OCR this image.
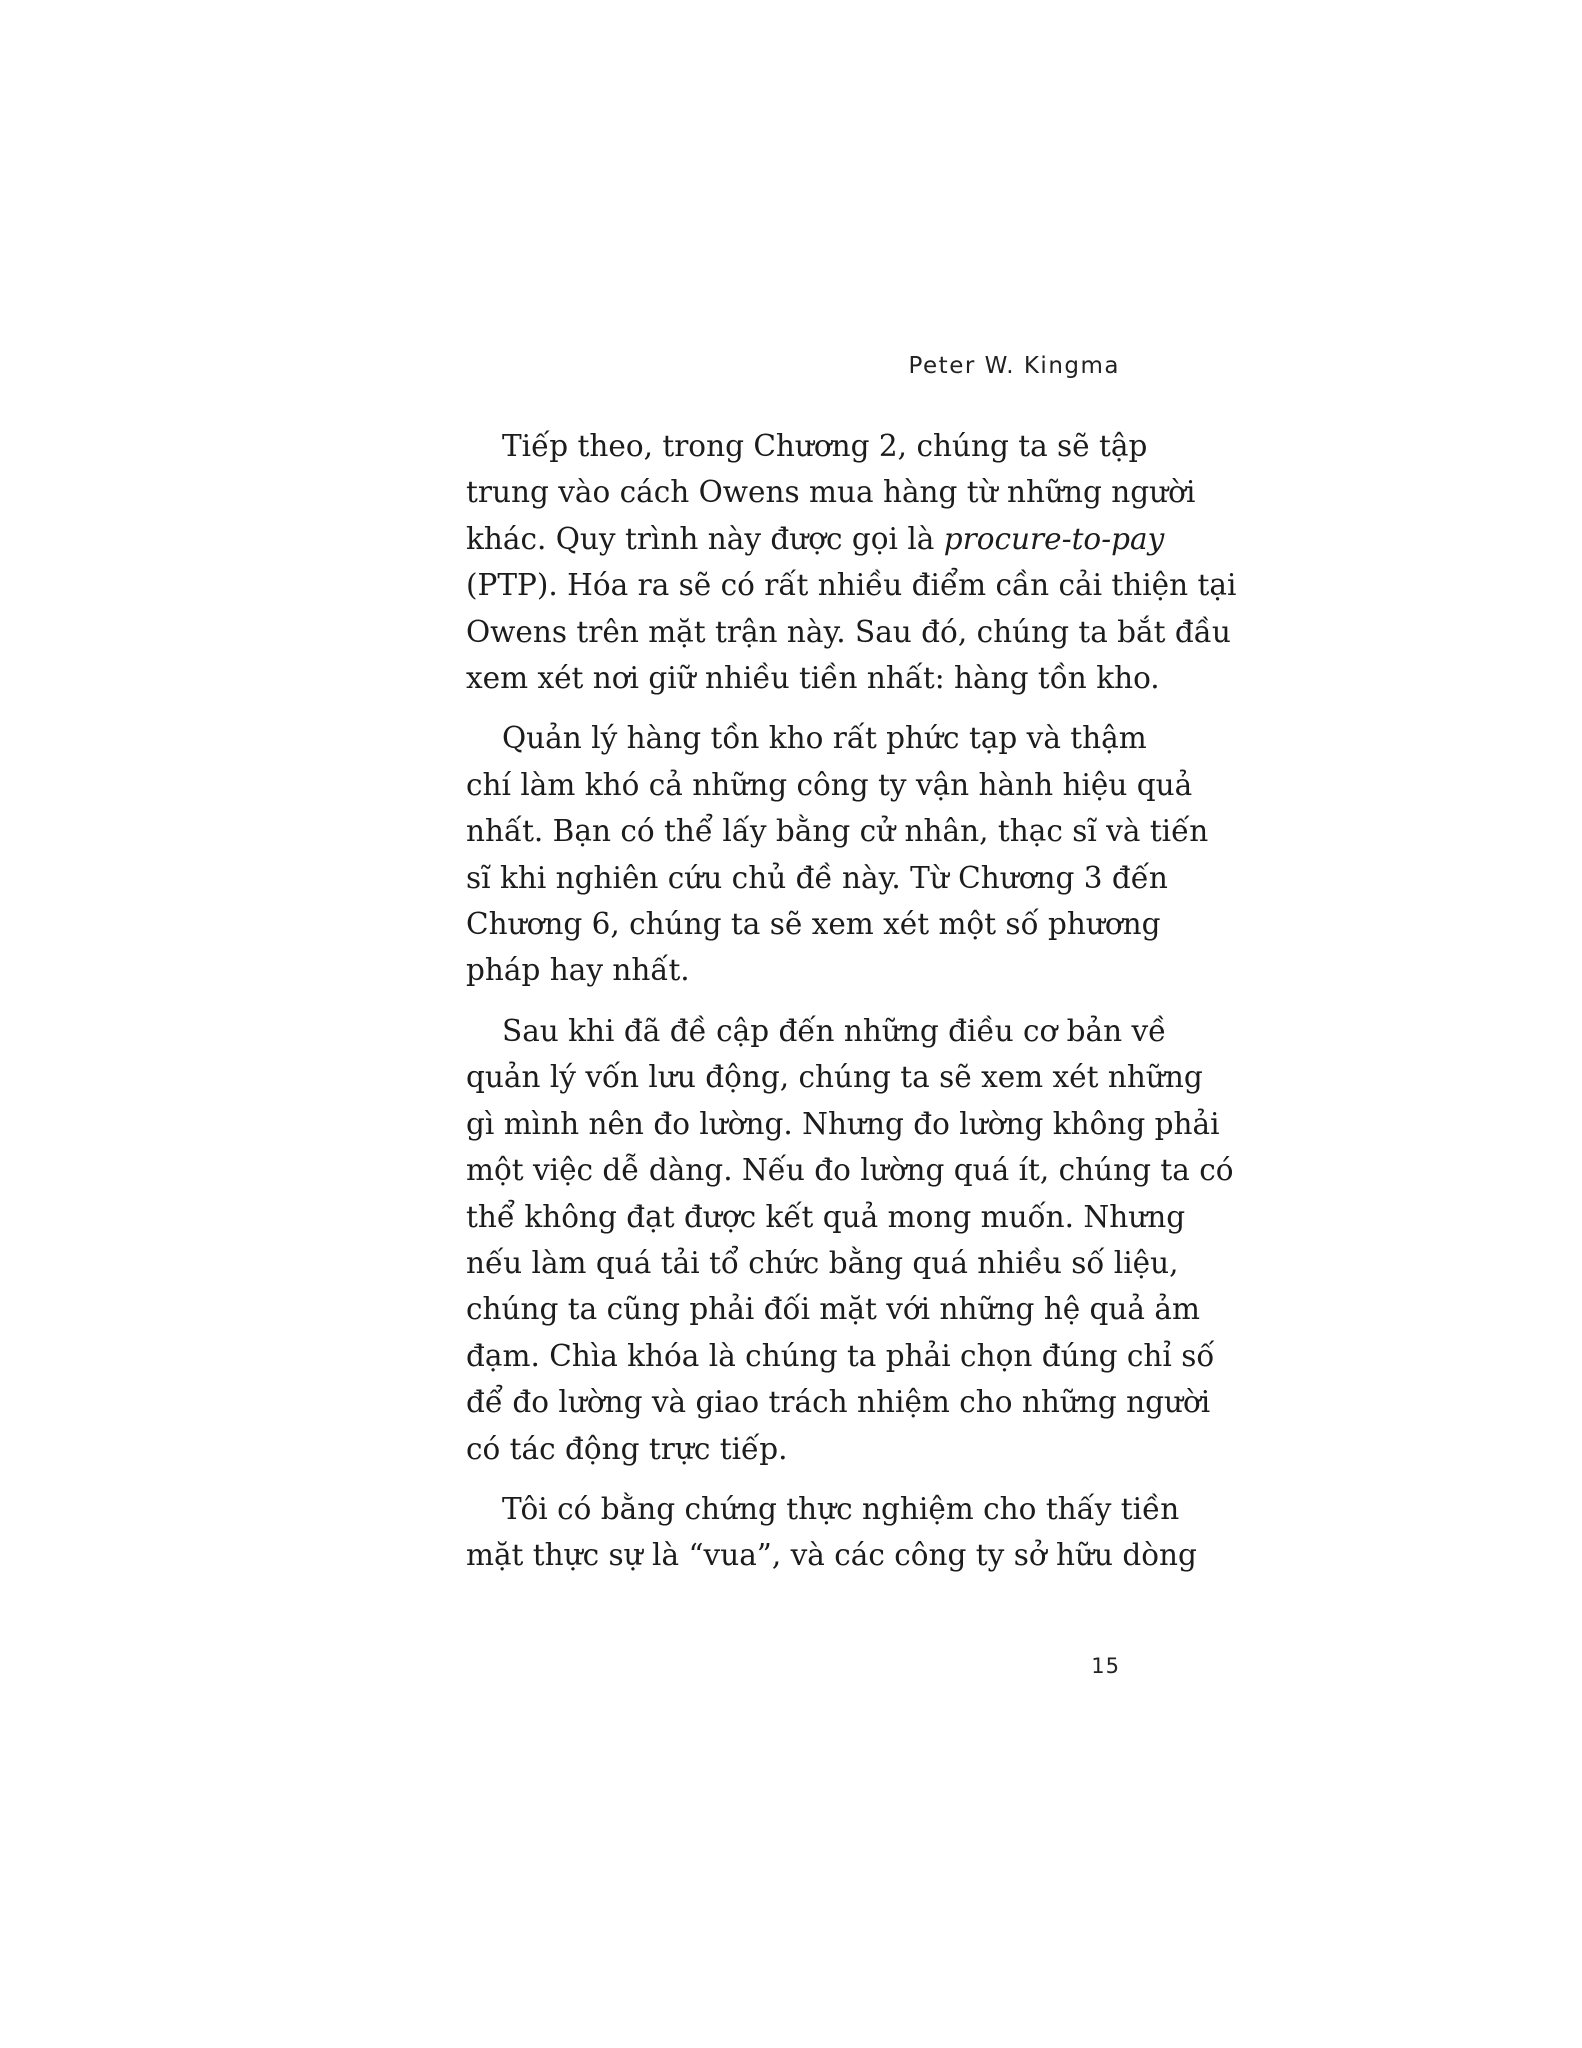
Peter W. Kingma

Tiếp theo, trong Chương 2, chúng ta sẽ tập
trung vào cách Owens mua hàng từ những người
khác. Quy trình này được gọi là procure-to-pay
(PTP). Hóa ra sẽ có rất nhiều điểm cần cải thiện tại
Owens trên mặt trận này. Sau đó, chúng ta bắt đầu
xem xét nơi giữ nhiều tiền nhất: hàng tồn kho.

Quản lý hàng tồn kho rất phức tạp và thậm
chí làm khó cả những công ty vận hành hiệu quả
nhất. Bạn có thể lấy bằng cử nhân, thạc sĩ và tiến
sĩ khi nghiên cứu chủ đề này. Từ Chương 3 đến
Chương 6, chúng ta sẽ xem xét một số phương
pháp hay nhất.

Sau khi đã đề cập đến những điều cơ bản về
quản lý vốn lưu động, chúng ta sẽ xem xét những
gì mình nên đo lường. Nhưng đo lường không phải
một việc dễ dàng. Nếu đo lường quá ít, chúng ta có
thể không đạt được kết quả mong muốn. Nhưng
nếu làm quá tải tổ chức bằng quá nhiều số liệu,
chúng ta cũng phải đối mặt với những hệ quả ảm
đạm. Chìa khóa là chúng ta phải chọn đúng chỉ số
để đo lường và giao trách nhiệm cho những người
có tác động trực tiếp.

Tôi có bằng chứng thực nghiệm cho thấy tiền
mặt thực sự là “vua”, và các công ty sở hữu dòng

15
